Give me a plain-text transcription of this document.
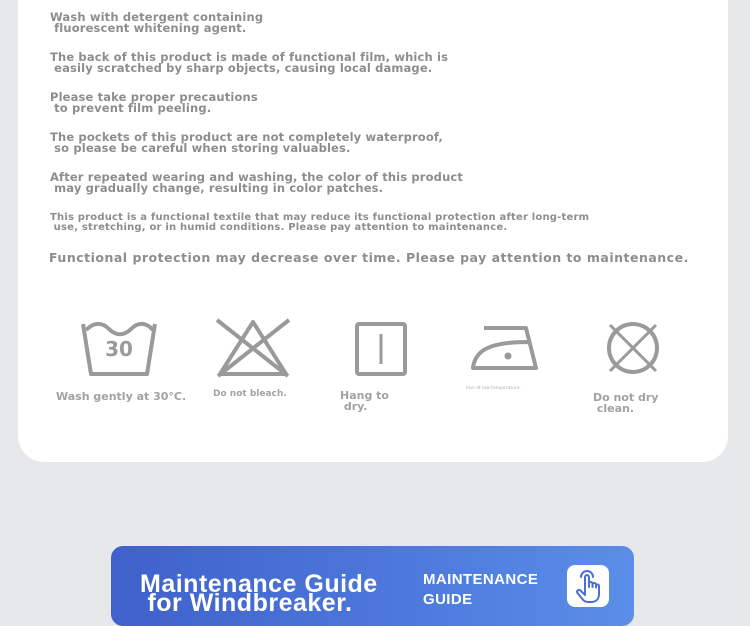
Wash with detergent containing
fluorescent whitening agent.

The back of this product is made of functional film, which is
easily scratched by sharp objects, causing local damage.

Please take proper precautions
to prevent film peeling.

The pockets of this product are not completely waterproof,
so please be careful when storing valuables.

After repeated wearing and washing, the color of this product
may gradually change, resulting in color patches.

This product is a functional textile that may reduce its functional protection after long-term
use, stretching, or in humid conditions. Please pay attention to maintenance.

Functional protection may decrease over time. Please pay attention to maintenance.

30

Wash gently at 30°C.	Do not bleach.	Hang to
dry.

Iron at low temperature.

Do not dry
clean.

Maintenance Guide
for Windbreaker.

MAINTENANCE
GUIDE
